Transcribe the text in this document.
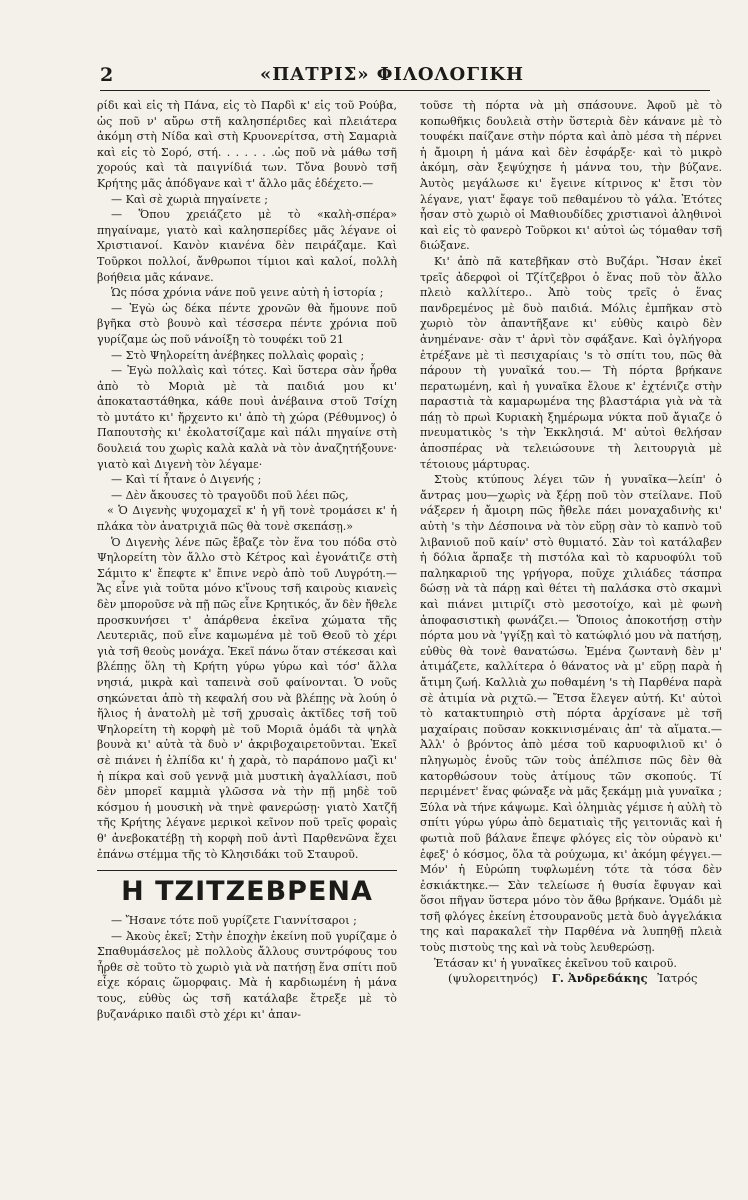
2	«ΠΑΤΡΙΣ» ΦΙΛΟΛΟΓΙΚΗ

ρίδι καὶ εἰς τὴ Πάνα, εἰς τὸ Παρδὶ κ' εἰς τοῦ Ρούβα, ὡς ποῦ ν' αὔρω στῆ καλησπέριδες καὶ πλειάτερα ἀκόμη στὴ Νίδα καὶ στὴ Κρυονερίτσα, στὴ Σαμαριὰ καὶ εἰς τὸ Σορό, στή. . . . . . .ὡς ποῦ νὰ μάθω τσῆ χορούς καὶ τὰ παιγνίδιά των. Τὄνα βουνὸ τσῆ Κρήτης μᾶς ἀπόδγανε καὶ τ' ἄλλο μᾶς ἐδέχετο.—

— Καὶ σὲ χωριὰ πηγαίνετε ;

— Ὅπου χρειάζετο μὲ τὸ «καλὴ-σπέρα» πηγαίναμε, γιατὸ καὶ καλησπερίδες μᾶς λέγανε οἱ Χριστιανοί. Κανὸν κιανένα δὲν πειράζαμε. Καὶ Τοῦρκοι πολλοί, ἄνθρωποι τίμιοι καὶ καλοί, πολλὴ βοήθεια μᾶς κάνανε.

Ὡς πόσα χρόνια νάνε ποῦ γεινε αὐτὴ ἡ ἱστορία ;

— Ἐγὼ ὡς δέκα πέντε χρονῶν θὰ ἤμουνε ποῦ βγῆκα στὸ βουνὸ καὶ τέσσερα πέντε χρόνια ποῦ γυρίζαμε ὡς ποῦ νάνοίξη τὸ τουφέκι τοῦ 21

— Στὸ Ψηλορείτη ἀνέβηκες πολλαὶς φοραὶς ;

— Ἐγὼ πολλαὶς καὶ τότες. Καὶ ὕστερα σὰν ἦρθα ἀπὸ τὸ Μοριὰ μὲ τὰ παιδιά μου κι' ἀποκαταστάθηκα, κάθε πουὶ ἀνέβαινα στοῦ Τσίχη τὸ μυτάτο κι' ἤρχεντο κι' ἀπὸ τὴ χώρα (Ρέθυμνος) ὁ Παπουτσὴς κι' ἐκολατσίζαμε καὶ πάλι πηγαίνε στὴ δουλειά του χωρὶς καλὰ καλὰ νὰ τὸν ἀναζητήξουνε· γιατὸ καὶ Διγενὴ τὸν λέγαμε·

— Καὶ τί ἦτανε ὁ Διγενής ;

— Δὲν ἄκουσες τὸ τραγοῦδι ποῦ λέει πῶς,

« Ὁ Διγενὴς ψυχομαχεῖ κ' ἡ γῆ τονὲ τρομάσει κ' ἡ πλάκα τὸν ἀνατριχιᾶ πῶς θὰ τονὲ σκεπάσῃ.»

Ὁ Διγενὴς λένε πῶς ἔβαζε τὸν ἕνα του πόδα στὸ Ψηλορείτη τὸν ἄλλο στὸ Κέτρος καὶ ἐγονάτιζε στὴ Σάμιτο κ' ἔπεφτε κ' ἔπινε νερὸ ἀπὸ τοῦ Λυγρότη.— Ἄς εἶνε γιὰ τοῦτα μόνο κ'ἴνους τσῆ καιροὺς κιανεὶς δὲν μποροῦσε νὰ πῇ πῶς εἶνε Κρητικός, ἄν δὲν ἤθελε προσκυνήσει τ' ἀπάρθενα ἐκεῖνα χώματα τῆς Λευτεριᾶς, ποῦ εἶνε καμωμένα μὲ τοῦ Θεοῦ τὸ χέρι γιὰ τσῆ θεοὺς μονάχα. Ἐκεῖ πάνω ὅταν στέκεσαι καὶ βλέπῃς ὅλη τὴ Κρήτη γύρω γύρω καὶ τόσ' ἄλλα νησιά, μικρὰ καὶ ταπεινὰ σοῦ φαίνονται. Ὁ νοῦς σηκώνεται ἀπὸ τὴ κεφαλή σου νὰ βλέπῃς νὰ λούη ὁ ἥλιος ἡ ἀνατολὴ μὲ τσῆ χρυσαὶς ἀκτῖδες τσῆ τοῦ Ψηλορείτη τὴ κορφὴ μὲ τοῦ Μοριᾶ ὁμάδι τὰ ψηλὰ βουνὰ κι' αὐτὰ τὰ δυὸ ν' ἀκριβοχαιρετοῦνται. Ἐκεῖ σὲ πιάνει ἡ ἐλπίδα κι' ἡ χαρὰ, τὸ παράπονο μαζὶ κι' ἡ πίκρα καὶ σοῦ γεννᾷ μιὰ μυστικὴ ἀγαλλίασι, ποῦ δὲν μπορεῖ καμμιὰ γλῶσσα νὰ τὴν πῇ μηδὲ τοῦ κόσμου ἡ μουσικὴ νὰ τηνὲ φανερώσῃ· γιατὸ Χατζῆ τῆς Κρήτης λέγανε μερικοὶ κεῖνον ποῦ τρεῖς φοραὶς θ' ἀνεβοκατέβῃ τὴ κορφὴ ποῦ ἀντὶ Παρθενῶνα ἔχει ἐπάνω στέμμα τῆς τὸ Κλησιδάκι τοῦ Σταυροῦ.

Η ΤΖΙΤΖΕΒΡΕΝΑ

— Ἤσανε τότε ποῦ γυρίζετε Γιαννίτσαροι ;

— Ἀκοὺς ἐκεῖ; Στὴν ἐποχὴν ἐκείνη ποῦ γυρίζαμε ὁ Σπαθυμάσελος μὲ πολλοὺς ἄλλους συντρόφους του ἦρθε σὲ τοῦτο τὸ χωριὸ γιὰ νὰ πατήσῃ ἕνα σπίτι ποῦ εἶχε κόραις ὥμορφαις. Μὰ ἡ καρδιωμένη ἡ μάνα τους, εὐθὺς ὡς τσῆ κατάλαβε ἔτρεξε μὲ τὸ βυζανάρικο παιδὶ στὸ χέρι κι' ἀπαν-

τοῦσε τὴ πόρτα νὰ μὴ σπάσουνε. Ἀφοῦ μὲ τὸ κοπωθῆκις δουλειὰ στὴν ὕστεριὰ δὲν κάνανε μὲ τὸ τουφέκι παίζανε στὴν πόρτα καὶ ἀπὸ μέσα τὴ πέρνει ἡ ἄμοιρη ἡ μάνα καὶ δὲν ἐσφάρξε· καὶ τὸ μικρὸ ἀκόμη, σὰν ξεψύχησε ἡ μάννα του, τὴν βύζανε. Ἀυτὸς μεγάλωσε κι' ἔγεινε κίτρινος κ' ἔτσι τὸν λέγανε, γιατ' ἔφαγε τοῦ πεθαμένου τὸ γάλα. Ἐτότες ἦσαν στὸ χωριὸ οἱ Μαθιουδίδες χριστιανοὶ ἀληθινοὶ καὶ εἰς τὸ φανερὸ Τοῦρκοι κι' αὐτοὶ ὡς τόμαθαν τσῆ διώξανε.

Κι' ἀπὸ πᾶ κατεβῆκαν στὸ Βυζάρι. Ἤσαν ἐκεῖ τρεῖς ἀδερφοὶ οἱ Τζίτζεβροι ὁ ἕνας ποῦ τὸν ἄλλο πλειὸ καλλίτερο.. Ἀπὸ τοὺς τρεῖς ὁ ἕνας πανδρεμένος μὲ δυὸ παιδιά. Μόλις ἐμπῆκαν στὸ χωριὸ τὸν ἀπαντῆξανε κι' εὐθὺς καιρὸ δὲν ἀνημένανε· σὰν τ' ἀρνὶ τὸν σφάξανε. Καὶ ὀγλήγορα ἐτρέξανε μὲ τὶ πεσιχαρίαις 's τὸ σπίτι του, πῶς θὰ πάρουν τὴ γυναῖκά του.— Τὴ πόρτα βρήκανε περατωμένη, καὶ ἡ γυναῖκα ἔλουε κ' ἐχτένιζε στὴν παραστιὰ τὰ καμαρωμένα της βλαστάρια γιὰ νὰ τὰ πάῃ τὸ πρωὶ Κυριακὴ ξημέρωμα νύκτα ποῦ ἄγιαζε ὁ πνευματικὸς 's τὴν Ἐκκλησιά. Μ' αὐτοὶ θελήσαν ἀποσπέρας νὰ τελειώσουνε τὴ λειτουργιὰ μὲ τέτοιους μάρτυρας.

Στοὺς κτύπους λέγει τῶν ἡ γυναῖκα—λείπ' ὁ ἄντρας μου—χωρὶς νὰ ξέρῃ ποῦ τὸν στείλανε. Ποῦ νάξερεν ἡ ἄμοιρη πῶς ἤθελε πάει μοναχαδινὴς κι' αὐτὴ 's τὴν Δέσποινα νὰ τὸν εὕρῃ σὰν τὸ καπνὸ τοῦ λιβανιοῦ ποῦ καίν' στὸ θυμιατό. Σὰν τοὶ κατάλαβεν ἡ δόλια ἅρπαξε τὴ πιστόλα καὶ τὸ καρυοφύλι τοῦ παληκαριοῦ της γρήγορα, ποῦχε χιλιάδες τάσπρα δώσῃ νὰ τὰ πάρῃ καὶ θέτει τὴ παλάσκα στὸ σκαμνὶ καὶ πιάνει μιτιρίζι στὸ μεσοτοίχο, καὶ μὲ φωνὴ ἀποφασιστικὴ φωνάζει.— Ὅποιος ἀποκοτήσῃ στὴν πόρτα μου νὰ 'γγίξῃ καὶ τὸ κατώφλιό μου νὰ πατήσῃ, εὐθὺς θὰ τονὲ θανατώσω. Ἐμένα ζωντανὴ δὲν μ' ἀτιμάζετε, καλλίτερα ὁ θάνατος νὰ μ' εὕρῃ παρὰ ἡ ἄτιμη ζωή. Καλλιὰ χω ποθαμένη 's τὴ Παρθένα παρὰ σὲ ἀτιμία νὰ ριχτῶ.— Ἔτσα ἔλεγεν αὐτή. Κι' αὐτοὶ τὸ κατακτυπηριὸ στὴ πόρτα ἀρχίσανε μὲ τσῆ μαχαίραις ποῦσαν κοκκινισμέναις ἀπ' τὰ αἵματα.— Ἀλλ' ὁ βρόντος ἀπὸ μέσα τοῦ καρυοφιλιοῦ κι' ὁ πληγωμὸς ἑνοῦς τῶν τοὺς ἀπέλπισε πῶς δὲν θὰ κατορθώσουν τοὺς ἀτίμους τῶν σκοπούς. Τί περιμένετ' ἕνας φώναξε νὰ μᾶς ξεκάμῃ μιὰ γυναῖκα ; Ξύλα νὰ τήνε κάψωμε. Καὶ ὀλημιὰς γέμισε ἡ αὐλὴ τὸ σπίτι γύρω γύρω ἀπὸ δεματιαὶς τῆς γειτονιᾶς καὶ ἡ φωτιὰ ποῦ βάλανε ἔπεψε φλόγες εἰς τὸν οὐρανὸ κι' ἐφεξ' ὁ κόσμος, ὅλα τὰ ρούχωμα, κι' ἀκόμη φέγγει.— Μόν' ἡ Εὐρώπη τυφλωμένη τότε τὰ τόσα δὲν ἐσκιάκτηκε.— Σὰν τελείωσε ἡ θυσία ἔφυγαν καὶ ὅσοι πῆγαν ὕστερα μόνο τὸν ἄθω βρήκανε. Ὁμάδι μὲ τσῆ φλόγες ἐκείνη ἐτσουρανοῦς μετὰ δυὸ ἀγγελάκια της καὶ παρακαλεῖ τὴν Παρθένα νὰ λυπηθῇ πλειὰ τοὺς πιστοὺς της καὶ νὰ τοὺς λευθερώσῃ.

Ἐτάσαν κι' ἡ γυναῖκες ἐκεῖνου τοῦ καιροῦ.

(ψυλορειτηνός) Γ. Ἀνδρεδάκης Ἰατρός
